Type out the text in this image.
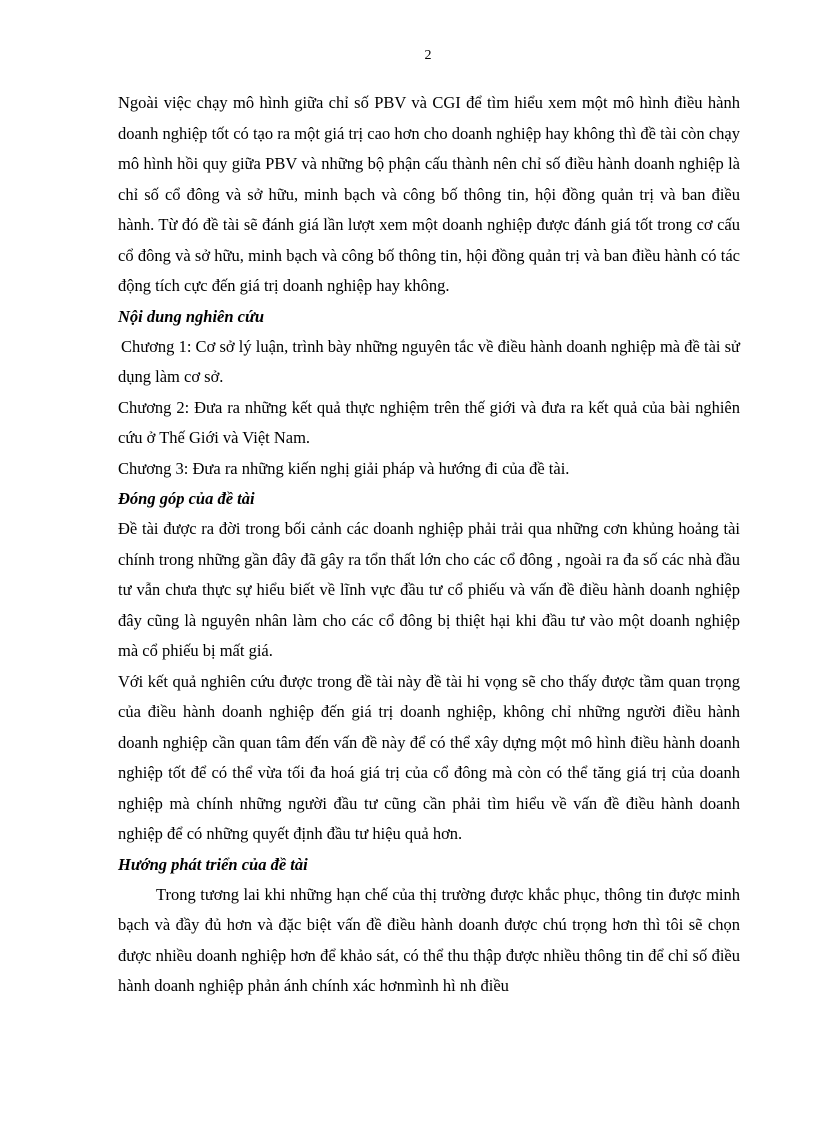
2

Ngoài việc chạy mô hình giữa chỉ số PBV và CGI để tìm hiểu xem một mô hình điều hành doanh nghiệp tốt có tạo ra một giá trị cao hơn cho doanh nghiệp hay không thì đề tài còn chạy mô hình hồi quy giữa PBV và những bộ phận cấu thành nên chỉ số điều hành doanh nghiệp là chỉ số cổ đông và sở hữu, minh bạch và công bố thông tin, hội đồng quản trị và ban điều hành. Từ đó đề tài sẽ đánh giá lần lượt xem một doanh nghiệp được đánh giá tốt trong cơ cấu cổ đông và sở hữu, minh bạch và công bố thông tin, hội đồng quản trị và ban điều hành có tác động tích cực đến giá trị doanh nghiệp hay không.

Nội dung nghiên cứu

Chương 1: Cơ sở lý luận, trình bày những nguyên tắc về điều hành doanh nghiệp mà đề tài sử dụng làm cơ sở.

Chương 2: Đưa ra những kết quả thực nghiệm trên thế giới và đưa ra kết quả của bài nghiên cứu ở Thế Giới và Việt Nam.

Chương 3: Đưa ra những kiến nghị giải pháp và hướng đi của đề tài.

Đóng góp của đề tài

Đề tài được ra đời trong bối cảnh các doanh nghiệp phải trải qua những cơn khủng hoảng tài chính trong những gần đây đã gây ra tổn thất lớn cho các cổ đông , ngoài ra đa số các nhà đầu tư vẫn chưa thực sự hiểu biết về lĩnh vực đầu tư cổ phiếu và vấn đề điều hành doanh nghiệp đây cũng là nguyên nhân làm cho các cổ đông bị thiệt hại khi đầu tư vào một doanh nghiệp mà cổ phiếu bị mất giá.

Với kết quả nghiên cứu được trong đề tài này đề tài hi vọng sẽ cho thấy được tầm quan trọng của điều hành doanh nghiệp đến giá trị doanh nghiệp, không chỉ những người điều hành doanh nghiệp cần quan tâm đến vấn đề này để có thể xây dựng một mô hình điều hành doanh nghiệp tốt để có thể vừa tối đa hoá giá trị của cổ đông mà còn có thể tăng giá trị của doanh nghiệp mà chính những người đầu tư cũng cần phải tìm hiểu về vấn đề điều hành doanh nghiệp để có những quyết định đầu tư hiệu quả hơn.

Hướng phát triển của đề tài

Trong tương lai khi những hạn chế của thị trường được khắc phục, thông tin được minh bạch và đầy đủ hơn và đặc biệt vấn đề điều hành doanh được chú trọng hơn thì tôi sẽ chọn được nhiều doanh nghiệp hơn để khảo sát, có thể thu thập được nhiều thông tin để chỉ số điều hành doanh nghiệp phản ánh chính xác hơnmình hì nh điều
